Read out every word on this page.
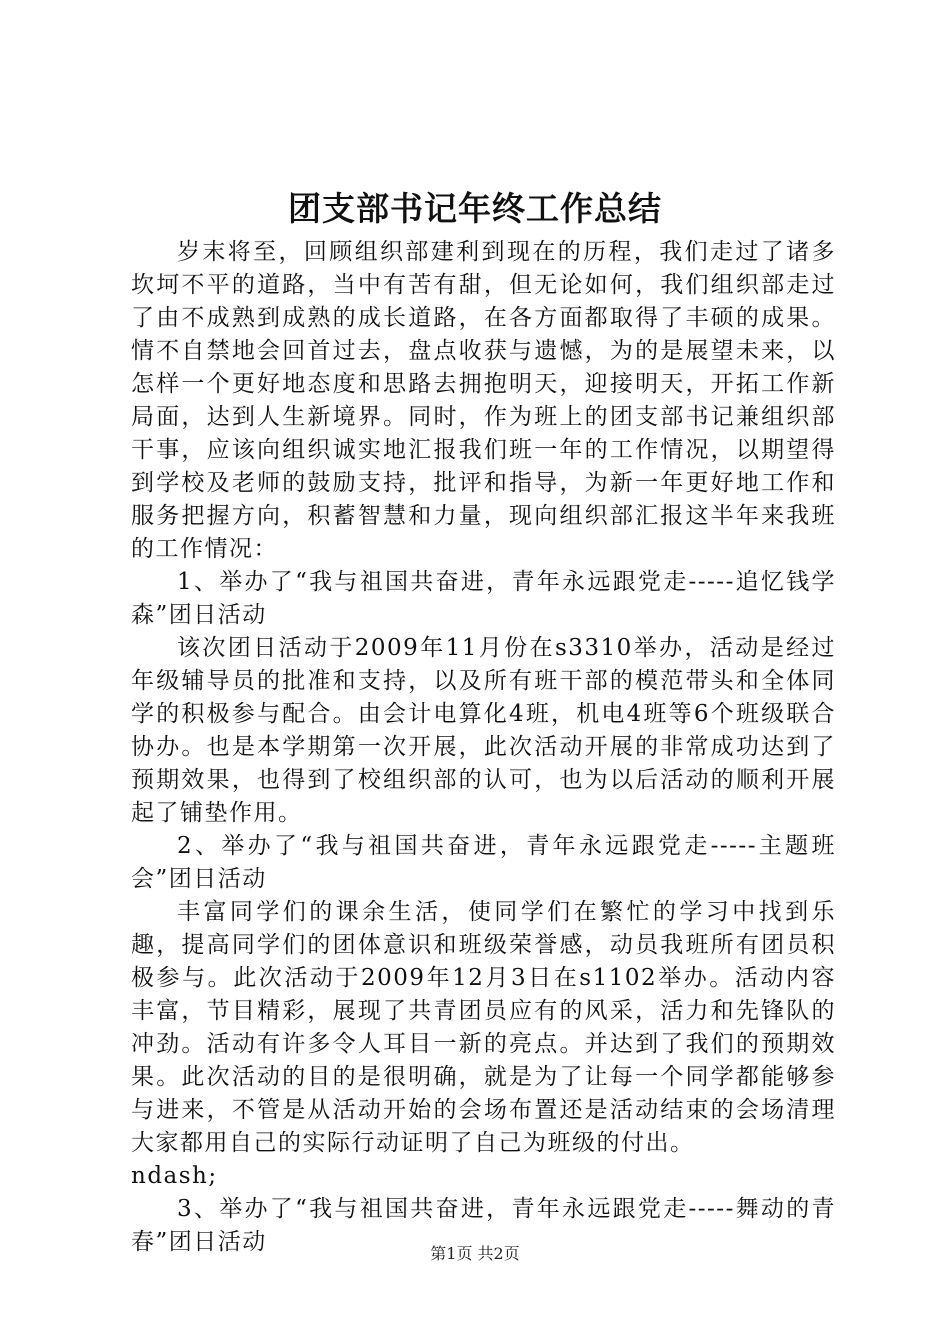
团支部书记年终工作总结

岁末将至，回顾组织部建利到现在的历程，我们走过了诸多坎坷不平的道路，当中有苦有甜，但无论如何，我们组织部走过了由不成熟到成熟的成长道路，在各方面都取得了丰硕的成果。情不自禁地会回首过去，盘点收获与遗憾，为的是展望未来，以怎样一个更好地态度和思路去拥抱明天，迎接明天，开拓工作新局面，达到人生新境界。同时，作为班上的团支部书记兼组织部干事，应该向组织诚实地汇报我们班一年的工作情况，以期望得到学校及老师的鼓励支持，批评和指导，为新一年更好地工作和服务把握方向，积蓄智慧和力量，现向组织部汇报这半年来我班的工作情况：

1、举办了“我与祖国共奋进，青年永远跟党走-----追忆钱学森”团日活动

该次团日活动于2009年11月份在s3310举办，活动是经过年级辅导员的批准和支持，以及所有班干部的模范带头和全体同学的积极参与配合。由会计电算化4班，机电4班等6个班级联合协办。也是本学期第一次开展，此次活动开展的非常成功达到了预期效果，也得到了校组织部的认可，也为以后活动的顺利开展起了铺垫作用。

2、举办了“我与祖国共奋进，青年永远跟党走-----主题班会”团日活动

丰富同学们的课余生活，使同学们在繁忙的学习中找到乐趣，提高同学们的团体意识和班级荣誉感，动员我班所有团员积极参与。此次活动于2009年12月3日在s1102举办。活动内容丰富，节目精彩，展现了共青团员应有的风采，活力和先锋队的冲劲。活动有许多令人耳目一新的亮点。并达到了我们的预期效果。此次活动的目的是很明确，就是为了让每一个同学都能够参与进来，不管是从活动开始的会场布置还是活动结束的会场清理大家都用自己的实际行动证明了自己为班级的付出。

ndash;

3、举办了“我与祖国共奋进，青年永远跟党走-----舞动的青春”团日活动	第1页 共2页
